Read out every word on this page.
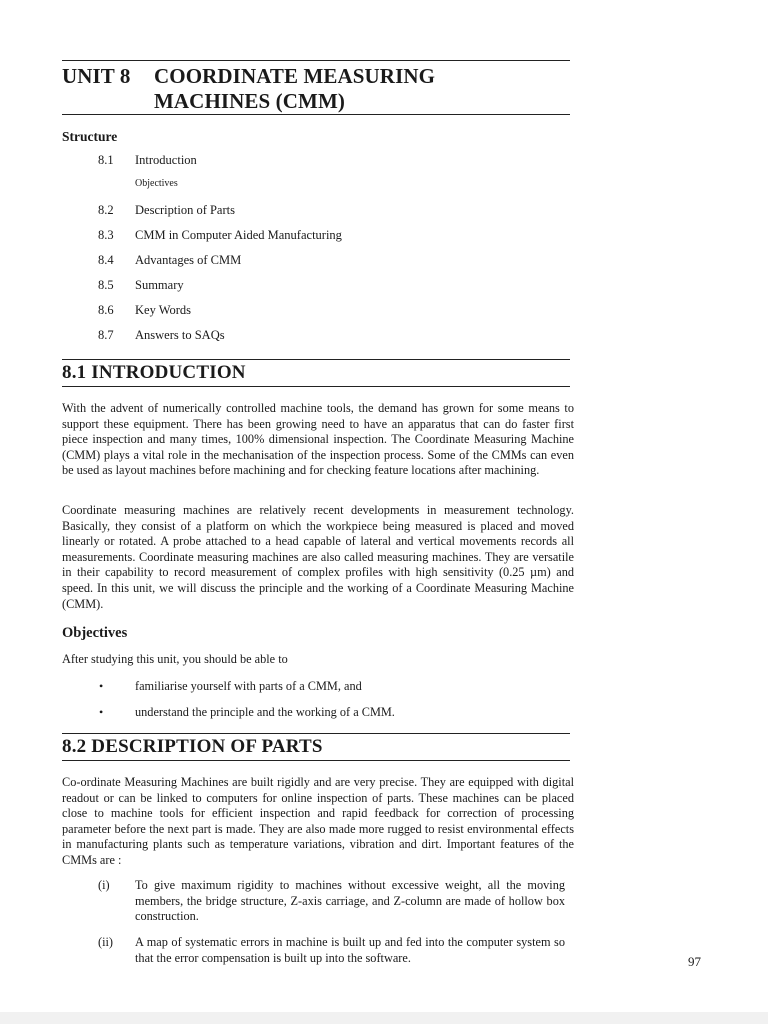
UNIT 8 COORDINATE MEASURING
MACHINES (CMM)
Structure
8.1 Introduction
Objectives
8.2 Description of Parts
8.3 CMM in Computer Aided Manufacturing
8.4 Advantages of CMM
8.5 Summary
8.6 Key Words
8.7 Answers to SAQs
8.1 INTRODUCTION
With the advent of numerically controlled machine tools, the demand has grown for some means to support these equipment. There has been growing need to have an apparatus that can do faster first piece inspection and many times, 100% dimensional inspection. The Coordinate Measuring Machine (CMM) plays a vital role in the mechanisation of the inspection process. Some of the CMMs can even be used as layout machines before machining and for checking feature locations after machining.
Coordinate measuring machines are relatively recent developments in measurement technology. Basically, they consist of a platform on which the workpiece being measured is placed and moved linearly or rotated. A probe attached to a head capable of lateral and vertical movements records all measurements. Coordinate measuring machines are also called measuring machines. They are versatile in their capability to record measurement of complex profiles with high sensitivity (0.25 µm) and speed. In this unit, we will discuss the principle and the working of a Coordinate Measuring Machine (CMM).
Objectives
After studying this unit, you should be able to
•	familiarise yourself with parts of a CMM, and
•	understand the principle and the working of a CMM.
8.2 DESCRIPTION OF PARTS
Co-ordinate Measuring Machines are built rigidly and are very precise. They are equipped with digital readout or can be linked to computers for online inspection of parts. These machines can be placed close to machine tools for efficient inspection and rapid feedback for correction of processing parameter before the next part is made. They are also made more rugged to resist environmental effects in manufacturing plants such as temperature variations, vibration and dirt. Important features of the CMMs are :
(i) To give maximum rigidity to machines without excessive weight, all the moving members, the bridge structure, Z-axis carriage, and Z-column are made of hollow box construction.
(ii) A map of systematic errors in machine is built up and fed into the computer system so that the error compensation is built up into the software.	97
